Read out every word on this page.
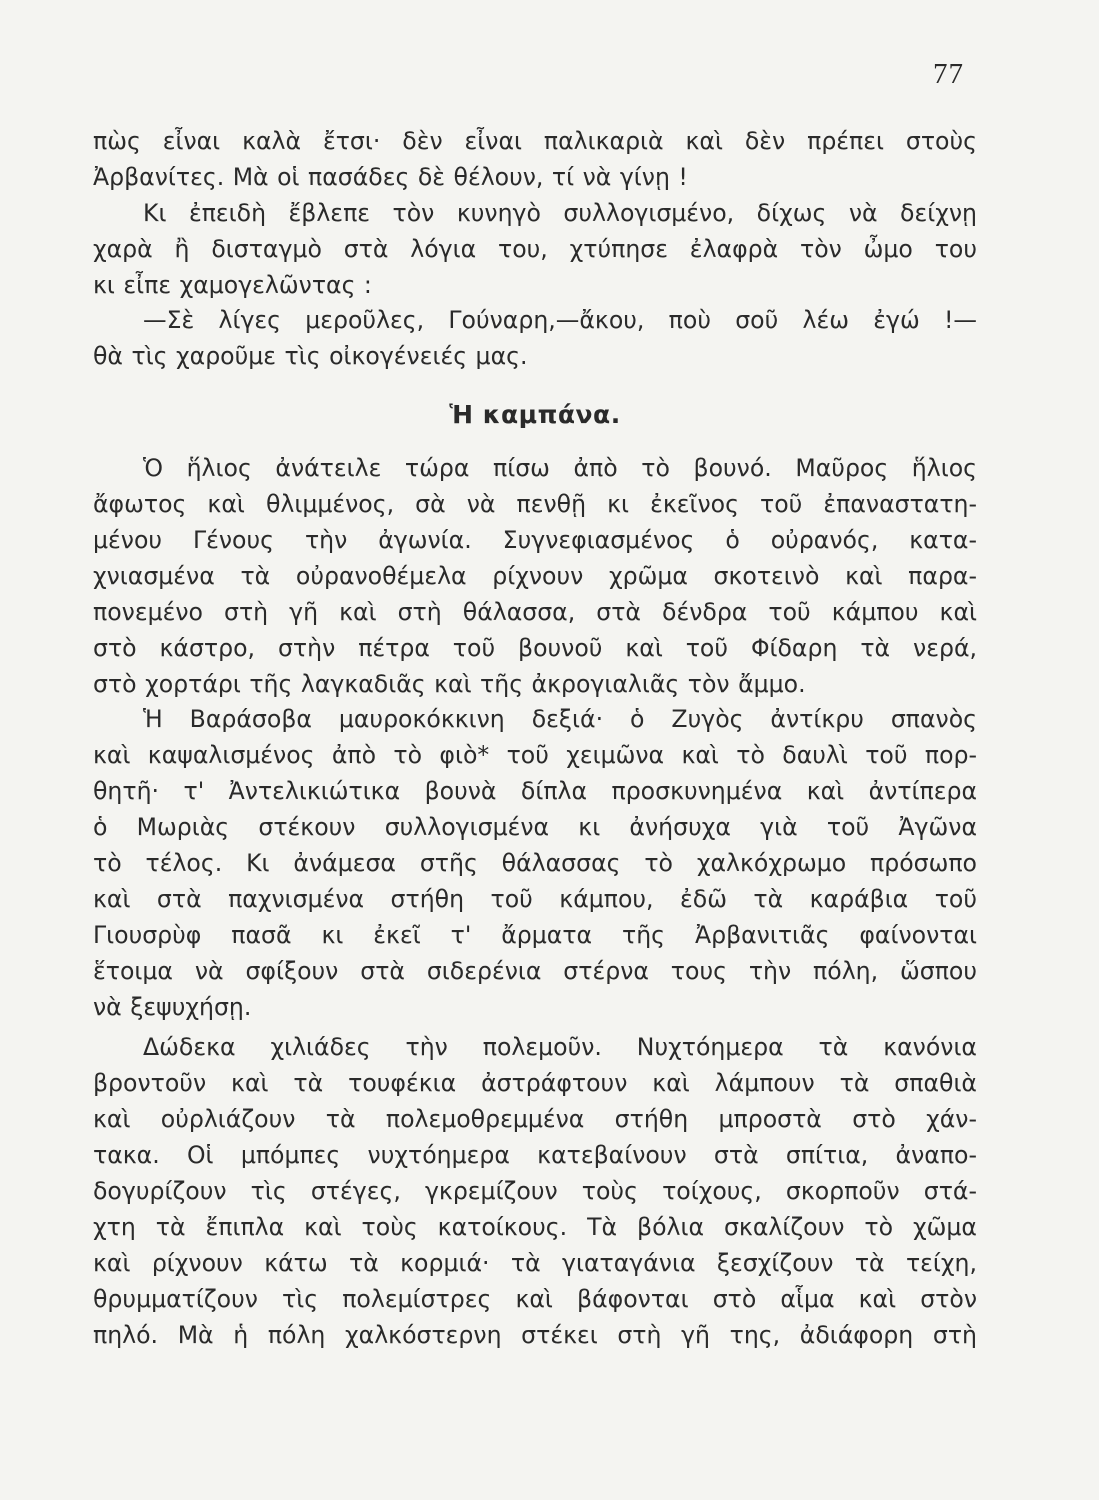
77
πὼς εἶναι καλὰ ἔτσι· δὲν εἶναι παλικαριὰ καὶ δὲν πρέπει στοὺς
Ἀρβανίτες. Μὰ οἱ πασάδες δὲ θέλουν, τί νὰ γίνῃ !
Κι ἐπειδὴ ἔβλεπε τὸν κυνηγὸ συλλογισμένο, δίχως νὰ δείχνῃ
χαρὰ ἢ δισταγμὸ στὰ λόγια του, χτύπησε ἐλαφρὰ τὸν ὦμο του
κι εἶπε χαμογελῶντας :
—Σὲ λίγες μεροῦλες, Γούναρη,—ἄκου, ποὺ σοῦ λέω ἐγώ !—
θὰ τὶς χαροῦμε τὶς οἰκογένειές μας.
Ἡ καμπάνα.
Ὁ ἥλιος ἀνάτειλε τώρα πίσω ἀπὸ τὸ βουνό. Μαῦρος ἥλιος
ἄφωτος καὶ θλιμμένος, σὰ νὰ πενθῇ κι ἐκεῖνος τοῦ ἐπαναστατη-
μένου Γένους τὴν ἀγωνία. Συγνεφιασμένος ὁ οὐρανός, κατα-
χνιασμένα τὰ οὐρανοθέμελα ρίχνουν χρῶμα σκοτεινὸ καὶ παρα-
πονεμένο στὴ γῆ καὶ στὴ θάλασσα, στὰ δένδρα τοῦ κάμπου καὶ
στὸ κάστρο, στὴν πέτρα τοῦ βουνοῦ καὶ τοῦ Φίδαρη τὰ νερά,
στὸ χορτάρι τῆς λαγκαδιᾶς καὶ τῆς ἀκρογιαλιᾶς τὸν ἄμμο.
Ἡ Βαράσοβα μαυροκόκκινη δεξιά· ὁ Ζυγὸς ἀντίκρυ σπανὸς
καὶ καψαλισμένος ἀπὸ τὸ φιὸ* τοῦ χειμῶνα καὶ τὸ δαυλὶ τοῦ πορ-
θητῆ· τ' Ἀντελικιώτικα βουνὰ δίπλα προσκυνημένα καὶ ἀντίπερα
ὁ Μωριὰς στέκουν συλλογισμένα κι ἀνήσυχα γιὰ τοῦ Ἀγῶνα
τὸ τέλος. Κι ἀνάμεσα στῆς θάλασσας τὸ χαλκόχρωμο πρόσωπο
καὶ στὰ παχνισμένα στήθη τοῦ κάμπου, ἐδῶ τὰ καράβια τοῦ
Γιουσρὺφ πασᾶ κι ἐκεῖ τ' ἄρματα τῆς Ἀρβανιτιᾶς φαίνονται
ἕτοιμα νὰ σφίξουν στὰ σιδερένια στέρνα τους τὴν πόλη, ὥσπου
νὰ ξεψυχήσῃ.
Δώδεκα χιλιάδες τὴν πολεμοῦν. Νυχτόημερα τὰ κανόνια
βροντοῦν καὶ τὰ τουφέκια ἀστράφτουν καὶ λάμπουν τὰ σπαθιὰ
καὶ οὐρλιάζουν τὰ πολεμοθρεμμένα στήθη μπροστὰ στὸ χάν-
τακα. Οἱ μπόμπες νυχτόημερα κατεβαίνουν στὰ σπίτια, ἀναπο-
δογυρίζουν τὶς στέγες, γκρεμίζουν τοὺς τοίχους, σκορποῦν στά-
χτη τὰ ἔπιπλα καὶ τοὺς κατοίκους. Τὰ βόλια σκαλίζουν τὸ χῶμα
καὶ ρίχνουν κάτω τὰ κορμιά· τὰ γιαταγάνια ξεσχίζουν τὰ τείχη,
θρυμματίζουν τὶς πολεμίστρες καὶ βάφονται στὸ αἷμα καὶ στὸν
πηλό. Μὰ ἡ πόλη χαλκόστερνη στέκει στὴ γῆ της, ἀδιάφορη στὴ
